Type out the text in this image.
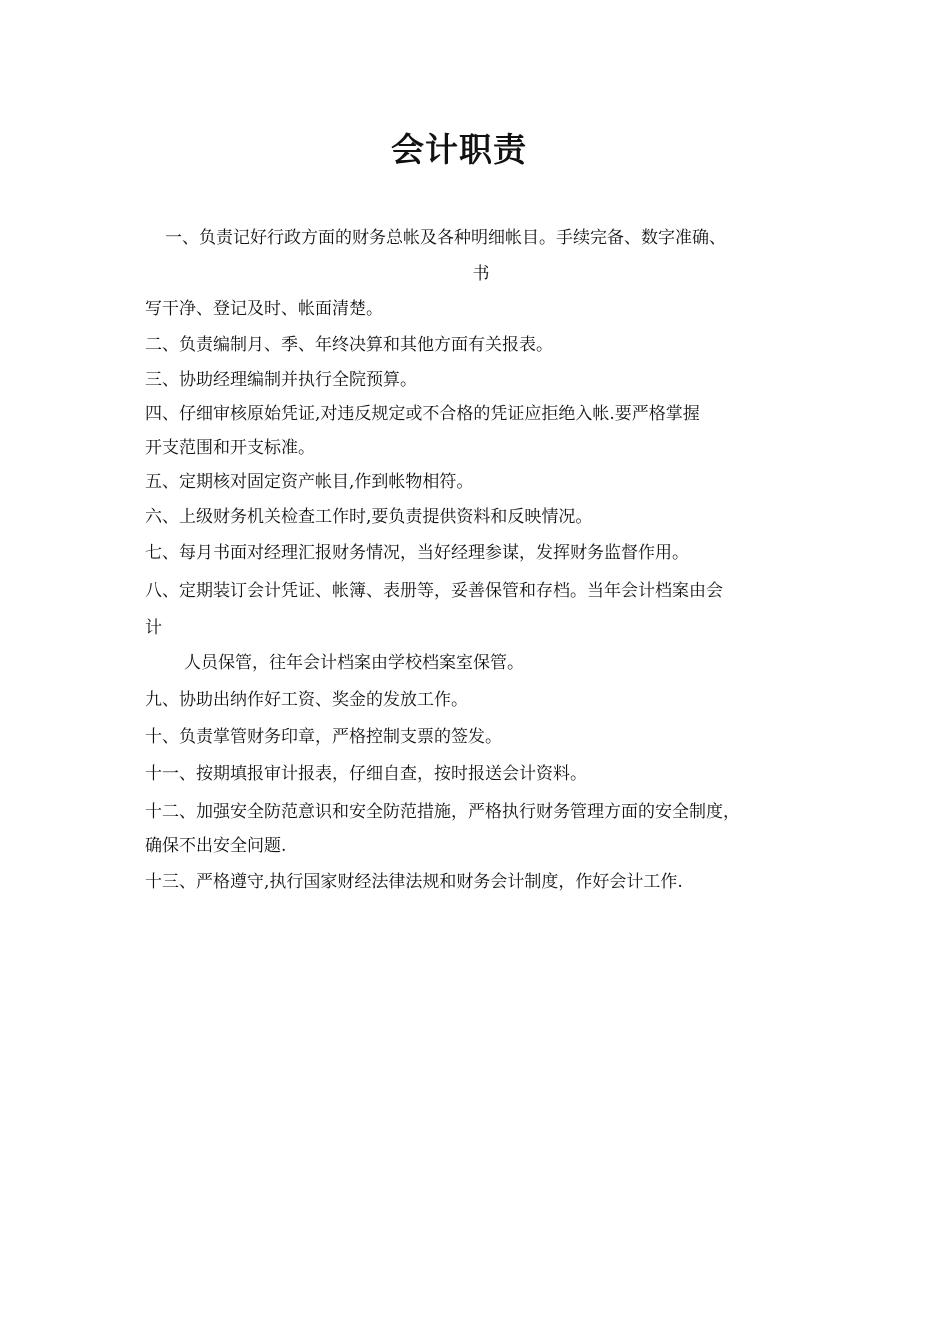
会计职责

一、负责记好行政方面的财务总帐及各种明细帐目。手续完备、数字准确、

书

写干净、登记及时、帐面清楚。

二、负责编制月、季、年终决算和其他方面有关报表。

三、协助经理编制并执行全院预算。

四、仔细审核原始凭证,对违反规定或不合格的凭证应拒绝入帐.要严格掌握

开支范围和开支标准。

五、定期核对固定资产帐目,作到帐物相符。

六、上级财务机关检查工作时,要负责提供资料和反映情况。

七、每月书面对经理汇报财务情况，当好经理参谋，发挥财务监督作用。

八、定期装订会计凭证、帐簿、表册等，妥善保管和存档。当年会计档案由会

计

人员保管，往年会计档案由学校档案室保管。

九、协助出纳作好工资、奖金的发放工作。

十、负责掌管财务印章，严格控制支票的签发。

十一、按期填报审计报表，仔细自查，按时报送会计资料。

十二、加强安全防范意识和安全防范措施，严格执行财务管理方面的安全制度，

确保不出安全问题.

十三、严格遵守,执行国家财经法律法规和财务会计制度，作好会计工作.
